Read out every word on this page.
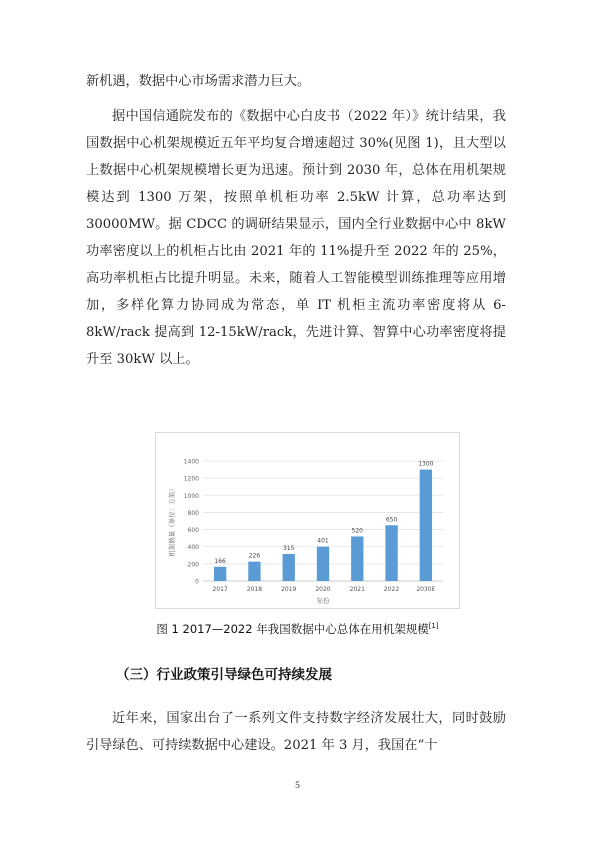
新机遇，数据中心市场需求潜力巨大。

据中国信通院发布的《数据中心白皮书（2022 年）》统计结果，我国数据中心机架规模近五年平均复合增速超过 30%(见图 1)，且大型以上数据中心机架规模增长更为迅速。预计到 2030 年，总体在用机架规模达到 1300 万架，按照单机柜功率 2.5kW 计算，总功率达到 30000MW。据 CDCC 的调研结果显示，国内全行业数据中心中 8kW 功率密度以上的机柜占比由 2021 年的 11%提升至 2022 年的 25%，高功率机柜占比提升明显。未来，随着人工智能模型训练推理等应用增加，多样化算力协同成为常态，单 IT 机柜主流功率密度将从 6-8kW/rack 提高到 12-15kW/rack，先进计算、智算中心功率密度将提升至 30kW 以上。

0
200
400
600
800
1000
1200
1400
166
2017
226
2018
315
2019
401
2020
520
2021
650
2022
1300
2030E
年份
机架数量（单位：万架）
图 1 2017—2022 年我国数据中心总体在用机架规模[1]
（三）行业政策引导绿色可持续发展

近年来，国家出台了一系列文件支持数字经济发展壮大，同时鼓励引导绿色、可持续数据中心建设。2021 年 3 月，我国在“十

5
